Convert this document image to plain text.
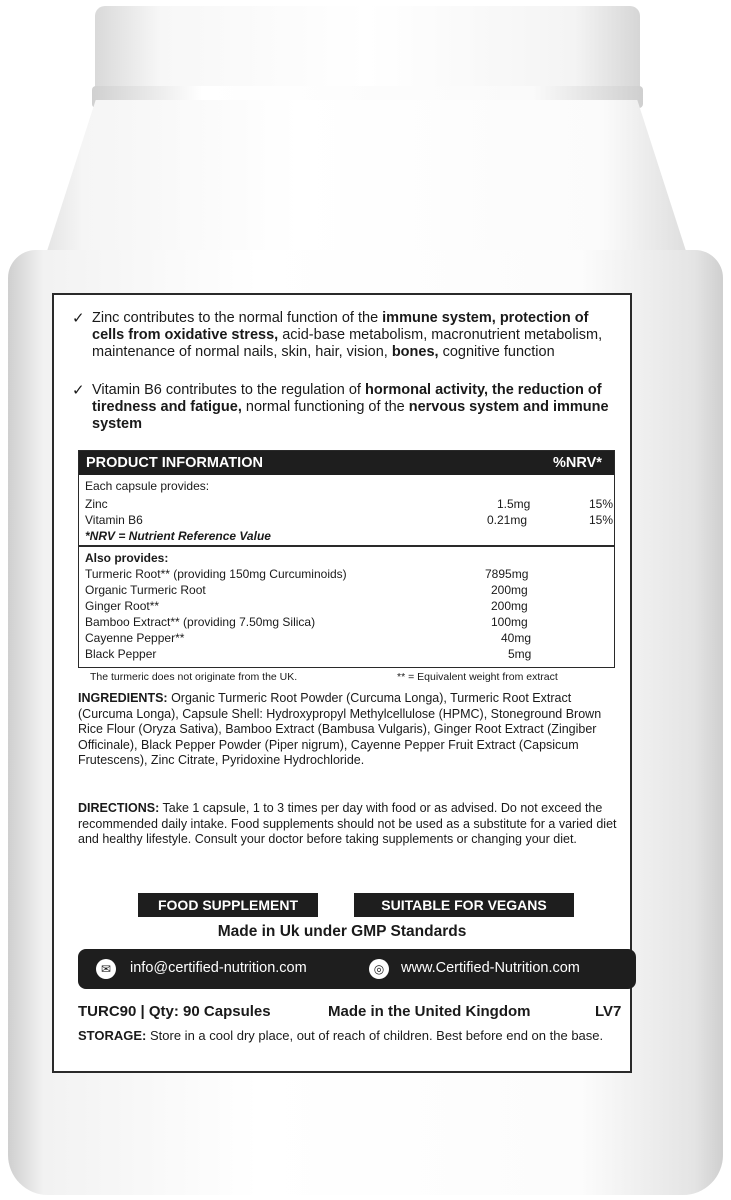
✓ Zinc contributes to the normal function of the immune system, protection of cells from oxidative stress, acid-base metabolism, macronutrient metabolism, maintenance of normal nails, skin, hair, vision, bones, cognitive function
✓ Vitamin B6 contributes to the regulation of hormonal activity, the reduction of tiredness and fatigue, normal functioning of the nervous system and immune system
PRODUCT INFORMATION	%NRV*
Each capsule provides:
Zinc	1.5mg	15%
Vitamin B6	0.21mg	15%
*NRV = Nutrient Reference Value
Also provides:
Turmeric Root** (providing 150mg Curcuminoids)	7895mg
Organic Turmeric Root	200mg
Ginger Root**	200mg
Bamboo Extract** (providing 7.50mg Silica)	100mg
Cayenne Pepper**	40mg
Black Pepper	5mg
The turmeric does not originate from the UK.	** = Equivalent weight from extract
INGREDIENTS: Organic Turmeric Root Powder (Curcuma Longa), Turmeric Root Extract (Curcuma Longa), Capsule Shell: Hydroxypropyl Methylcellulose (HPMC), Stoneground Brown Rice Flour (Oryza Sativa), Bamboo Extract (Bambusa Vulgaris), Ginger Root Extract (Zingiber Officinale), Black Pepper Powder (Piper nigrum), Cayenne Pepper Fruit Extract (Capsicum Frutescens), Zinc Citrate, Pyridoxine Hydrochloride.
DIRECTIONS: Take 1 capsule, 1 to 3 times per day with food or as advised. Do not exceed the recommended daily intake. Food supplements should not be used as a substitute for a varied diet and healthy lifestyle. Consult your doctor before taking supplements or changing your diet.
FOOD SUPPLEMENT	SUITABLE FOR VEGANS
Made in Uk under GMP Standards
✉	info@certified-nutrition.com	◎	www.Certified-Nutrition.com
TURC90 | Qty: 90 Capsules	Made in the United Kingdom	LV7
STORAGE: Store in a cool dry place, out of reach of children. Best before end on the base.
